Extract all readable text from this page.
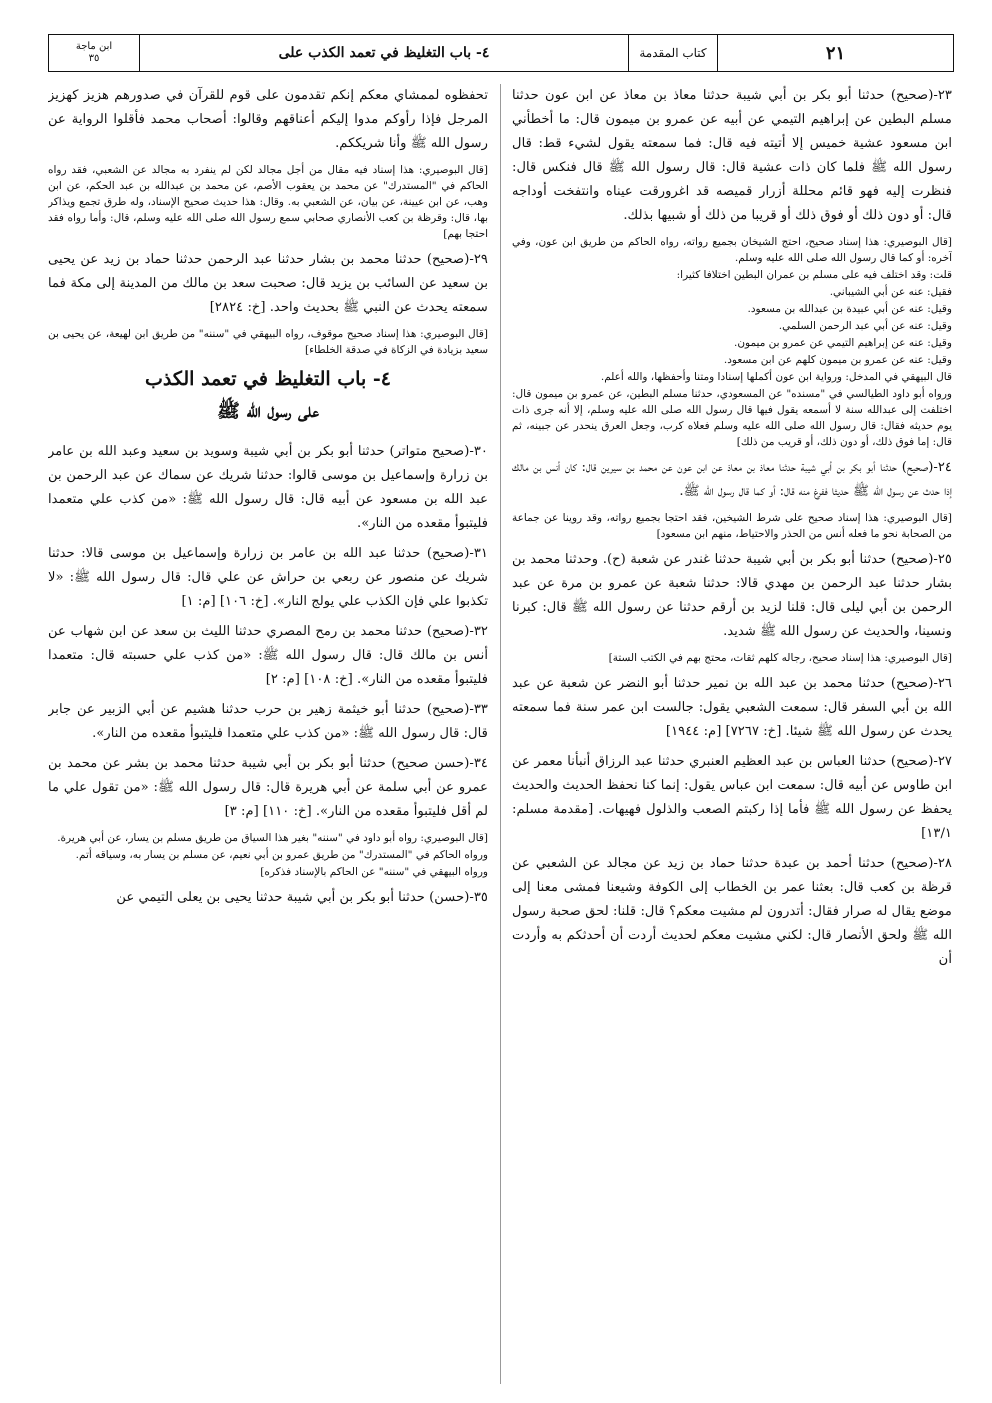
٢١
كتاب المقدمة
٤- باب التغليظ في تعمد الكذب على
ابن ماجة
٣٥

٢٣-(صحيح) حدثنا أبو بكر بن أبي شيبة حدثنا معاذ بن معاذ عن ابن عون حدثنا مسلم البطين عن إبراهيم التيمي عن أبيه عن عمرو بن ميمون قال: ما أخطأني ابن مسعود عشية خميس إلا أتيته فيه قال: فما سمعته يقول لشيء قط: قال رسول الله ﷺ فلما كان ذات عشية قال: قال رسول الله ﷺ قال فنكس قال: فنظرت إليه فهو قائم محللة أزرار قميصه قد اغرورقت عيناه وانتفخت أوداجه قال: أو دون ذلك أو فوق ذلك أو قريبا من ذلك أو شبيها بذلك.

[قال البوصيري: هذا إسناد صحيح، احتج الشيخان بجميع رواته، رواه الحاكم من طريق ابن عون، وفي آخره: أو كما قال رسول الله صلى الله عليه وسلم.

قلت: وقد اختلف فيه على مسلم بن عمران البطين اختلافا كثيرا:

فقيل: عنه عن أبي الشيباني.

وقيل: عنه عن أبي عبيدة بن عبدالله بن مسعود.

وقيل: عنه عن أبي عبد الرحمن السلمي.

وقيل: عنه عن إبراهيم التيمي عن عمرو بن ميمون.

وقيل: عنه عن عمرو بن ميمون كلهم عن ابن مسعود.

قال البيهقي في المدخل: ورواية ابن عون أكملها إسنادا ومتنا وأحفظها، والله أعلم.

ورواه أبو داود الطيالسي في "مسنده" عن المسعودي، حدثنا مسلم البطين، عن عمرو بن ميمون قال: اختلفت إلى عبدالله سنة لا أسمعه يقول فيها قال رسول الله صلى الله عليه وسلم، إلا أنه جرى ذات يوم حديثه فقال: قال رسول الله صلى الله عليه وسلم فعلاه كرب، وجعل العرق ينحدر عن جبينه، ثم قال: إما فوق ذلك، أو دون ذلك، أو قريب من ذلك]

٢٤-(صحيح) حدثنا أبو بكر بن أبي شيبة حدثنا معاذ بن معاذ عن ابن عون عن محمد بن سيرين قال: كان أنس بن مالك إذا حدث عن رسول الله ﷺ حديثا ففرغ منه قال: أو كما قال رسول الله ﷺ.

[قال البوصيري: هذا إسناد صحيح على شرط الشيخين، فقد احتجا بجميع رواته، وقد روينا عن جماعة من الصحابة نحو ما فعله أنس من الحذر والاحتياط، منهم ابن مسعود]

٢٥-(صحيح) حدثنا أبو بكر بن أبي شيبة حدثنا غندر عن شعبة (ح). وحدثنا محمد بن بشار حدثنا عبد الرحمن بن مهدي قالا: حدثنا شعبة عن عمرو بن مرة عن عبد الرحمن بن أبي ليلى قال: قلنا لزيد بن أرقم حدثنا عن رسول الله ﷺ قال: كبرنا ونسينا، والحديث عن رسول الله ﷺ شديد.

[قال البوصيري: هذا إسناد صحيح، رجاله كلهم ثقات، محتج بهم في الكتب الستة]

٢٦-(صحيح) حدثنا محمد بن عبد الله بن نمير حدثنا أبو النضر عن شعبة عن عبد الله بن أبي السفر قال: سمعت الشعبي يقول: جالست ابن عمر سنة فما سمعته يحدث عن رسول الله ﷺ شيئا. [خ: ٧٢٦٧] [م: ١٩٤٤]

٢٧-(صحيح) حدثنا العباس بن عبد العظيم العنبري حدثنا عبد الرزاق أنبأنا معمر عن ابن طاوس عن أبيه قال: سمعت ابن عباس يقول: إنما كنا نحفظ الحديث والحديث يحفظ عن رسول الله ﷺ فأما إذا ركبتم الصعب والذلول فهيهات. [مقدمة مسلم: ١٣/١]

٢٨-(صحيح) حدثنا أحمد بن عبدة حدثنا حماد بن زيد عن مجالد عن الشعبي عن قرظة بن كعب قال: بعثنا عمر بن الخطاب إلى الكوفة وشيعنا فمشى معنا إلى موضع يقال له صرار فقال: أتدرون لم مشيت معكم؟ قال: قلنا: لحق صحبة رسول الله ﷺ ولحق الأنصار قال: لكني مشيت معكم لحديث أردت أن أحدثكم به وأردت أن

تحفظوه لممشاي معكم إنكم تقدمون على قوم للقرآن في صدورهم هزيز كهزيز المرجل فإذا رأوكم مدوا إليكم أعناقهم وقالوا: أصحاب محمد فأقلوا الرواية عن رسول الله ﷺ وأنا شريككم.

[قال البوصيري: هذا إسناد فيه مقال من أجل مجالد لكن لم ينفرد به مجالد عن الشعبي، فقد رواه الحاكم في "المستدرك" عن محمد بن يعقوب الأصم، عن محمد بن عبدالله بن عبد الحكم، عن ابن وهب، عن ابن عيينة، عن بيان، عن الشعبي به. وقال: هذا حديث صحيح الإسناد، وله طرق تجمع ويذاكر بها، قال: وقرظة بن كعب الأنصاري صحابي سمع رسول الله صلى الله عليه وسلم، قال: وأما رواه فقد احتجا بهم]

٢٩-(صحيح) حدثنا محمد بن بشار حدثنا عبد الرحمن حدثنا حماد بن زيد عن يحيى بن سعيد عن السائب بن يزيد قال: صحبت سعد بن مالك من المدينة إلى مكة فما سمعته يحدث عن النبي ﷺ بحديث واحد. [خ: ٢٨٢٤]

[قال البوصيري: هذا إسناد صحيح موقوف، رواه البيهقي في "سننه" من طريق ابن لهيعة، عن يحيى بن سعيد بزيادة في الزكاة في صدقة الخلطاء]

٤- باب التغليظ في تعمد الكذب
على رسول الله ﷺ

٣٠-(صحيح متواتر) حدثنا أبو بكر بن أبي شيبة وسويد بن سعيد وعبد الله بن عامر بن زرارة وإسماعيل بن موسى قالوا: حدثنا شريك عن سماك عن عبد الرحمن بن عبد الله بن مسعود عن أبيه قال: قال رسول الله ﷺ: «من كذب علي متعمدا فليتبوأ مقعده من النار».

٣١-(صحيح) حدثنا عبد الله بن عامر بن زرارة وإسماعيل بن موسى قالا: حدثنا شريك عن منصور عن ربعي بن حراش عن علي قال: قال رسول الله ﷺ: «لا تكذبوا علي فإن الكذب علي يولج النار». [خ: ١٠٦] [م: ١]

٣٢-(صحيح) حدثنا محمد بن رمح المصري حدثنا الليث بن سعد عن ابن شهاب عن أنس بن مالك قال: قال رسول الله ﷺ: «من كذب علي حسبته قال: متعمدا فليتبوأ مقعده من النار». [خ: ١٠٨] [م: ٢]

٣٣-(صحيح) حدثنا أبو خيثمة زهير بن حرب حدثنا هشيم عن أبي الزبير عن جابر قال: قال رسول الله ﷺ: «من كذب علي متعمدا فليتبوأ مقعده من النار».

٣٤-(حسن صحيح) حدثنا أبو بكر بن أبي شيبة حدثنا محمد بن بشر عن محمد بن عمرو عن أبي سلمة عن أبي هريرة قال: قال رسول الله ﷺ: «من تقول علي ما لم أقل فليتبوأ مقعده من النار». [خ: ١١٠] [م: ٣]

[قال البوصيري: رواه أبو داود في "سننه" بغير هذا السياق من طريق مسلم بن يسار، عن أبي هريرة.

ورواه الحاكم في "المستدرك" من طريق عمرو بن أبي نعيم، عن مسلم بن يسار به، وسياقه أتم.

ورواه البيهقي في "سننه" عن الحاكم بالإسناد فذكره]

٣٥-(حسن) حدثنا أبو بكر بن أبي شيبة حدثنا يحيى بن يعلى التيمي عن
